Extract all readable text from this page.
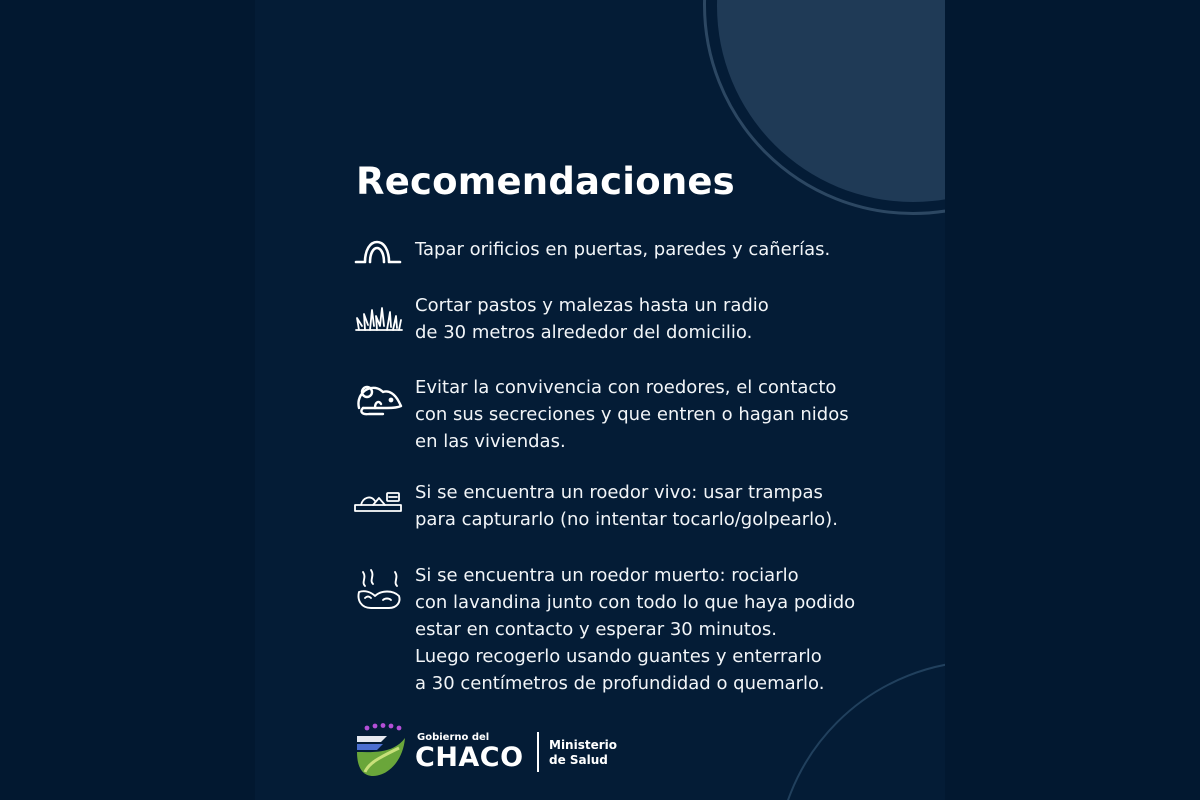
Recomendaciones
Tapar orificios en puertas, paredes y cañerías.
Cortar pastos y malezas hasta un radio
de 30 metros alrededor del domicilio.
Evitar la convivencia con roedores, el contacto
con sus secreciones y que entren o hagan nidos
en las viviendas.
Si se encuentra un roedor vivo: usar trampas
para capturarlo (no intentar tocarlo/golpearlo).
Si se encuentra un roedor muerto: rociarlo
con lavandina junto con todo lo que haya podido
estar en contacto y esperar 30 minutos.
Luego recogerlo usando guantes y enterrarlo
a 30 centímetros de profundidad o quemarlo.
Gobierno del
CHACO Ministerio
de Salud
